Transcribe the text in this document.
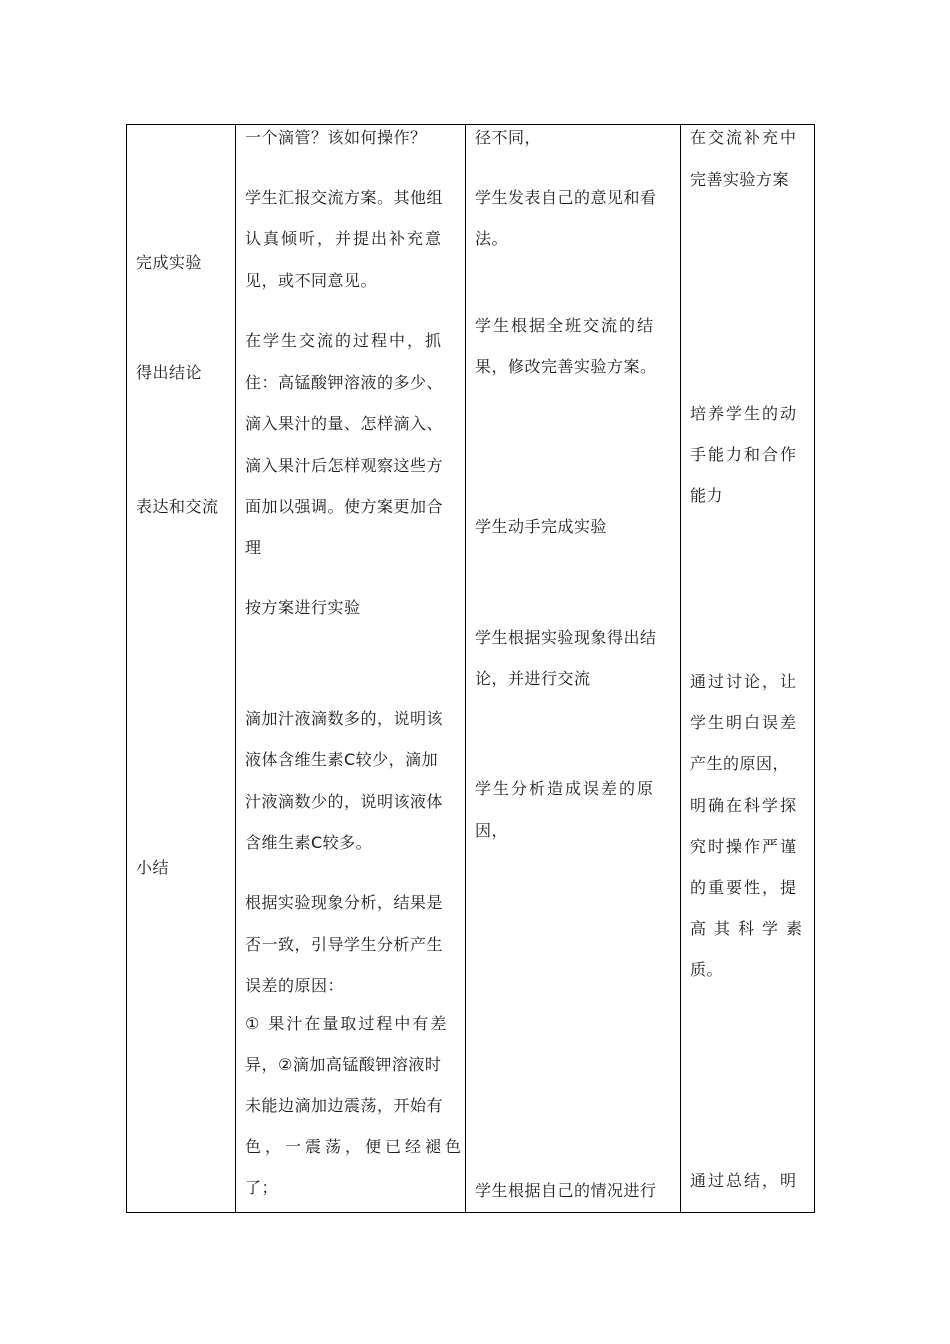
完成实验
得出结论
表达和交流
小结
一个滴管？该如何操作？
学生汇报交流方案。其他组
认真倾听，并提出补充意
见，或不同意见。
在学生交流的过程中，抓
住：高锰酸钾溶液的多少、
滴入果汁的量、怎样滴入、
滴入果汁后怎样观察这些方
面加以强调。使方案更加合
理
按方案进行实验
滴加汁液滴数多的，说明该
液体含维生素C较少，滴加
汁液滴数少的，说明该液体
含维生素C较多。
根据实验现象分析，结果是
否一致，引导学生分析产生
误差的原因：
① 果汁在量取过程中有差
异，②滴加高锰酸钾溶液时
未能边滴加边震荡，开始有
色，一震荡，便已经褪色
了；
径不同，
学生发表自己的意见和看
法。
学生根据全班交流的结
果，修改完善实验方案。
学生动手完成实验
学生根据实验现象得出结
论，并进行交流
学生分析造成误差的原
因，
学生根据自己的情况进行
在交流补充中
完善实验方案
培养学生的动
手能力和合作
能力
通过讨论，让
学生明白误差
产生的原因，
明确在科学探
究时操作严谨
的重要性，提
高其科学素
质。
通过总结，明
